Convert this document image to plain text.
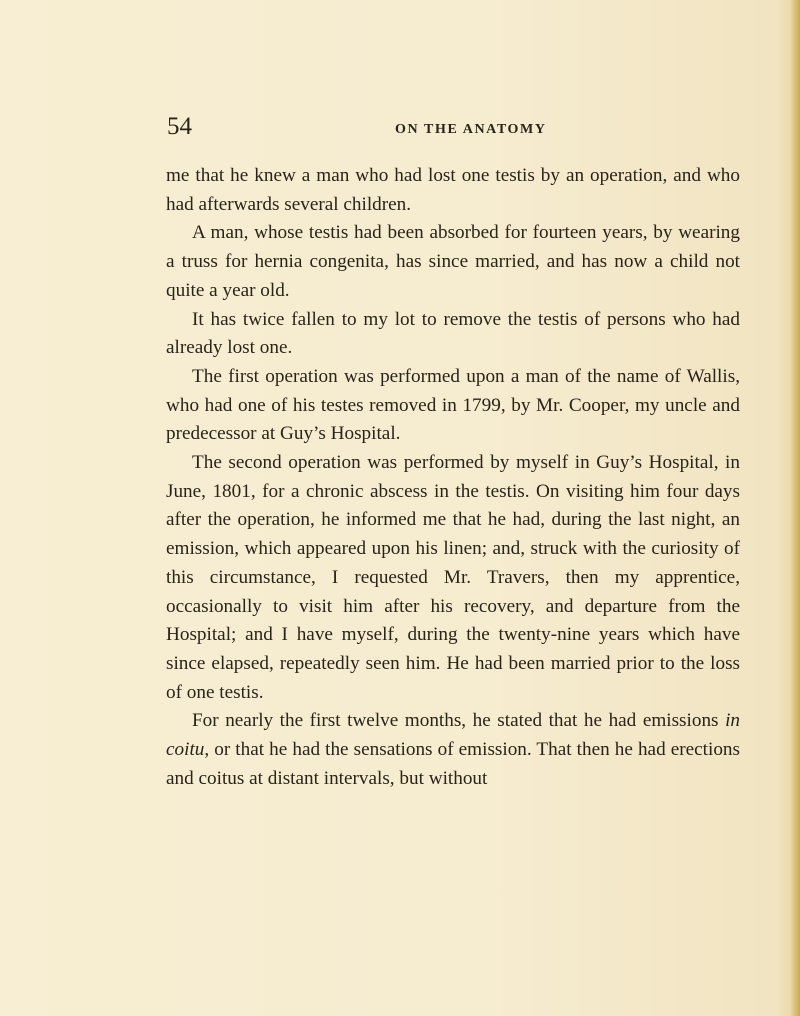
54	ON THE ANATOMY

me that he knew a man who had lost one testis by an operation, and who had afterwards several children.

A man, whose testis had been absorbed for fourteen years, by wearing a truss for hernia congenita, has since married, and has now a child not quite a year old.

It has twice fallen to my lot to remove the testis of persons who had already lost one.

The first operation was performed upon a man of the name of Wallis, who had one of his testes removed in 1799, by Mr. Cooper, my uncle and predecessor at Guy’s Hospital.

The second operation was performed by myself in Guy’s Hospital, in June, 1801, for a chronic abscess in the testis. On visiting him four days after the operation, he informed me that he had, during the last night, an emission, which appeared upon his linen; and, struck with the curiosity of this circumstance, I requested Mr. Travers, then my apprentice, occasionally to visit him after his recovery, and departure from the Hospital; and I have myself, during the twenty-nine years which have since elapsed, repeatedly seen him. He had been married prior to the loss of one testis.

For nearly the first twelve months, he stated that he had emissions in coitu, or that he had the sensations of emission. That then he had erections and coitus at distant intervals, but without
